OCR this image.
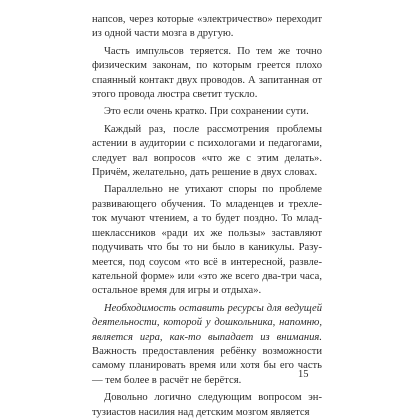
напсов, через которые «электричество» переходит из одной части мозга в другую.

Часть импульсов теряется. По тем же точно физическим законам, по которым греется плохо спаянный контакт двух проводов. А запитанная от этого провода люстра светит тускло.

Это если очень кратко. При сохранении сути.

Каждый раз, после рассмотрения проблемы астении в аудитории с психологами и педагогами, следует вал вопросов «что же с этим делать». Причём, желательно, дать решение в двух словах.

Параллельно не утихают споры по проблеме развивающего обучения. То младенцев и трехлеток мучают чтением, а то будет поздно. То младшеклассников «ради их же пользы» заставляют подучивать что бы то ни было в каникулы. Разумеется, под соусом «то всё в интересной, развлекательной форме» или «это же всего два-три часа, остальное время для игры и отдыха».

Необходимость оставить ресурсы для ведущей деятельности, которой у дошкольника, напомню, является игра, как-то выпадает из внимания. Важность предоставления ребёнку возможности самому планировать время или хотя бы его часть — тем более в расчёт не берётся.

Довольно логично следующим вопросом энтузиастов насилия над детским мозгом является

15
